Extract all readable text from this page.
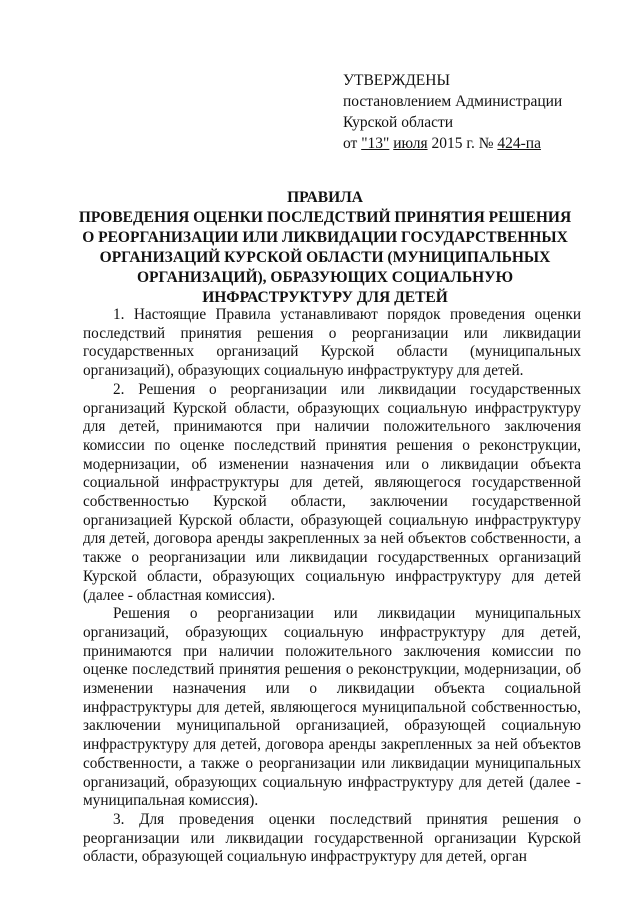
УТВЕРЖДЕНЫ
постановлением Администрации
Курской области
от "13" июля 2015 г. № 424-па
ПРАВИЛА
ПРОВЕДЕНИЯ ОЦЕНКИ ПОСЛЕДСТВИЙ ПРИНЯТИЯ РЕШЕНИЯ
О РЕОРГАНИЗАЦИИ ИЛИ ЛИКВИДАЦИИ ГОСУДАРСТВЕННЫХ
ОРГАНИЗАЦИЙ КУРСКОЙ ОБЛАСТИ (МУНИЦИПАЛЬНЫХ
ОРГАНИЗАЦИЙ), ОБРАЗУЮЩИХ СОЦИАЛЬНУЮ
ИНФРАСТРУКТУРУ ДЛЯ ДЕТЕЙ

1. Настоящие Правила устанавливают порядок проведения оценки последствий принятия решения о реорганизации или ликвидации государственных организаций Курской области (муниципальных организаций), образующих социальную инфраструктуру для детей.

2. Решения о реорганизации или ликвидации государственных организаций Курской области, образующих социальную инфраструктуру для детей, принимаются при наличии положительного заключения комиссии по оценке последствий принятия решения о реконструкции, модернизации, об изменении назначения или о ликвидации объекта социальной инфраструктуры для детей, являющегося государственной собственностью Курской области, заключении государственной организацией Курской области, образующей социальную инфраструктуру для детей, договора аренды закрепленных за ней объектов собственности, а также о реорганизации или ликвидации государственных организаций Курской области, образующих социальную инфраструктуру для детей (далее - областная комиссия).

Решения о реорганизации или ликвидации муниципальных организаций, образующих социальную инфраструктуру для детей, принимаются при наличии положительного заключения комиссии по оценке последствий принятия решения о реконструкции, модернизации, об изменении назначения или о ликвидации объекта социальной инфраструктуры для детей, являющегося муниципальной собственностью, заключении муниципальной организацией, образующей социальную инфраструктуру для детей, договора аренды закрепленных за ней объектов собственности, а также о реорганизации или ликвидации муниципальных организаций, образующих социальную инфраструктуру для детей (далее - муниципальная комиссия).

3. Для проведения оценки последствий принятия решения о реорганизации или ликвидации государственной организации Курской области, образующей социальную инфраструктуру для детей, орган
